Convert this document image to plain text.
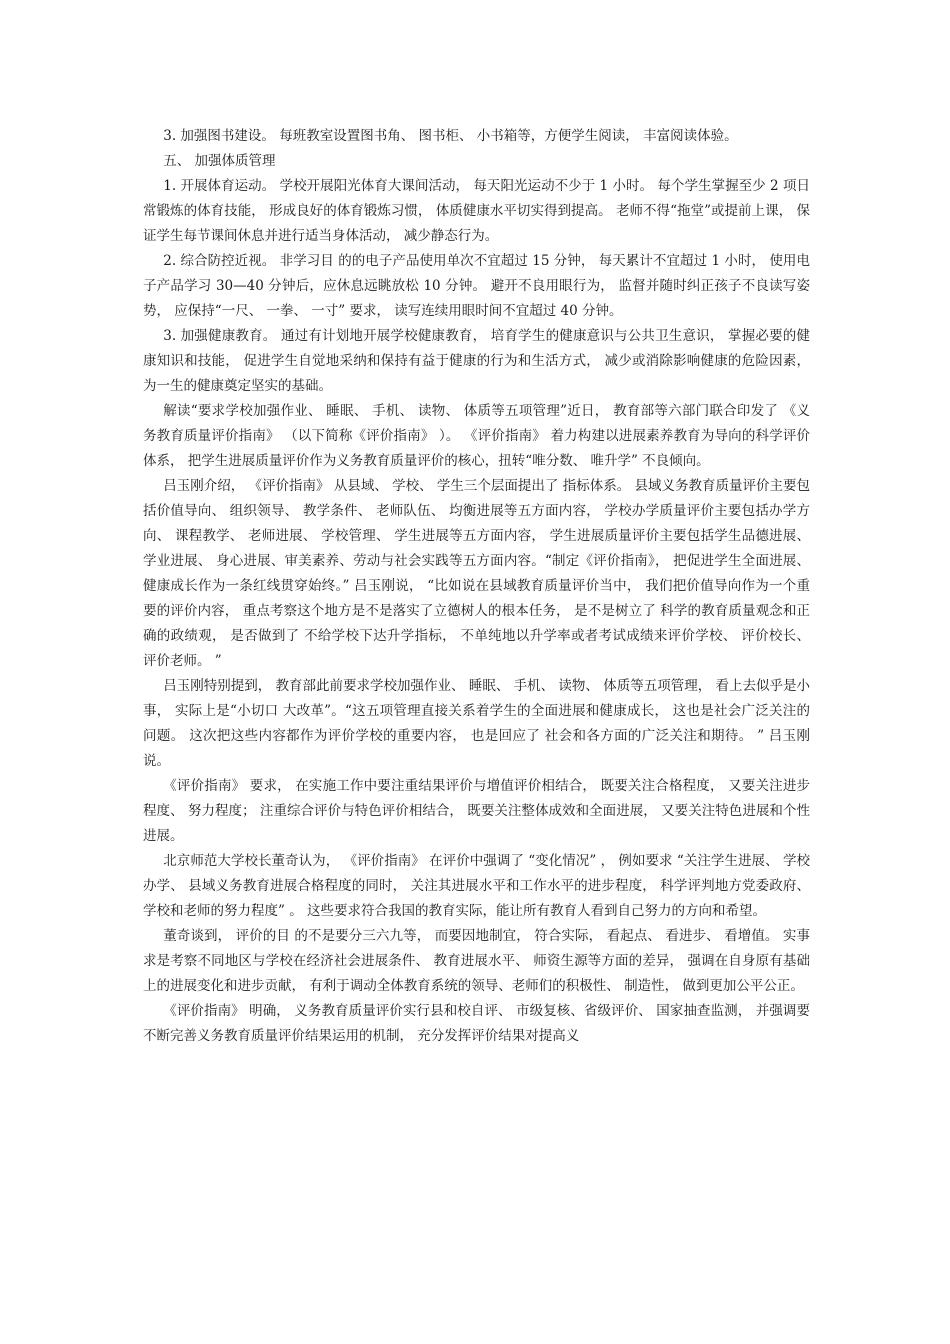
3. 加强图书建设。 每班教室设置图书角、 图书柜、 小书箱等，方便学生阅读， 丰富阅读体验。

五、 加强体质管理

1. 开展体育运动。 学校开展阳光体育大课间活动， 每天阳光运动不少于 1 小时。 每个学生掌握至少 2 项日常锻炼的体育技能， 形成良好的体育锻炼习惯， 体质健康水平切实得到提高。 老师不得“拖堂”或提前上课， 保证学生每节课间休息并进行适当身体活动， 减少静态行为。

2. 综合防控近视。 非学习目 的的电子产品使用单次不宜超过 15 分钟， 每天累计不宜超过 1 小时， 使用电子产品学习 30—40 分钟后，应休息远眺放松 10 分钟。 避开不良用眼行为， 监督并随时纠正孩子不良读写姿势， 应保持“一尺、 一拳、 一寸” 要求， 读写连续用眼时间不宜超过 40 分钟。

3. 加强健康教育。 通过有计划地开展学校健康教育， 培育学生的健康意识与公共卫生意识， 掌握必要的健康知识和技能， 促进学生自觉地采纳和保持有益于健康的行为和生活方式， 减少或消除影响健康的危险因素， 为一生的健康奠定坚实的基础。

解读“要求学校加强作业、 睡眠、 手机、 读物、 体质等五项管理”近日， 教育部等六部门联合印发了 《义务教育质量评价指南》 （以下简称《评价指南》 ）。 《评价指南》 着力构建以进展素养教育为导向的科学评价体系， 把学生进展质量评价作为义务教育质量评价的核心，扭转“唯分数、 唯升学” 不良倾向。

吕玉刚介绍， 《评价指南》 从县域、 学校、 学生三个层面提出了 指标体系。 县域义务教育质量评价主要包括价值导向、 组织领导、 教学条件、 老师队伍、 均衡进展等五方面内容， 学校办学质量评价主要包括办学方向、 课程教学、 老师进展、 学校管理、 学生进展等五方面内容， 学生进展质量评价主要包括学生品德进展、 学业进展、 身心进展、审美素养、劳动与社会实践等五方面内容。“制定《评价指南》， 把促进学生全面进展、 健康成长作为一条红线贯穿始终。” 吕玉刚说， “比如说在县域教育质量评价当中， 我们把价值导向作为一个重要的评价内容， 重点考察这个地方是不是落实了立德树人的根本任务， 是不是树立了 科学的教育质量观念和正确的政绩观， 是否做到了 不给学校下达升学指标， 不单纯地以升学率或者考试成绩来评价学校、 评价校长、 评价老师。 ”

吕玉刚特别提到， 教育部此前要求学校加强作业、 睡眠、 手机、 读物、 体质等五项管理， 看上去似乎是小事， 实际上是“小切口 大改革”。“这五项管理直接关系着学生的全面进展和健康成长， 这也是社会广泛关注的问题。 这次把这些内容都作为评价学校的重要内容， 也是回应了 社会和各方面的广泛关注和期待。 ” 吕玉刚说。

《评价指南》 要求， 在实施工作中要注重结果评价与增值评价相结合， 既要关注合格程度， 又要关注进步程度、 努力程度； 注重综合评价与特色评价相结合， 既要关注整体成效和全面进展， 又要关注特色进展和个性进展。

北京师范大学校长董奇认为， 《评价指南》 在评价中强调了 “变化情况” ， 例如要求 “关注学生进展、 学校办学、 县域义务教育进展合格程度的同时， 关注其进展水平和工作水平的进步程度， 科学评判地方党委政府、 学校和老师的努力程度” 。 这些要求符合我国的教育实际，能让所有教育人看到自己努力的方向和希望。

董奇谈到， 评价的目 的不是要分三六九等， 而要因地制宜， 符合实际， 看起点、 看进步、 看增值。 实事求是考察不同地区与学校在经济社会进展条件、 教育进展水平、 师资生源等方面的差异， 强调在自身原有基础上的进展变化和进步贡献， 有利于调动全体教育系统的领导、老师们的积极性、 制造性， 做到更加公平公正。

《评价指南》 明确， 义务教育质量评价实行县和校自评、 市级复核、省级评价、 国家抽查监测， 并强调要不断完善义务教育质量评价结果运用的机制， 充分发挥评价结果对提高义
